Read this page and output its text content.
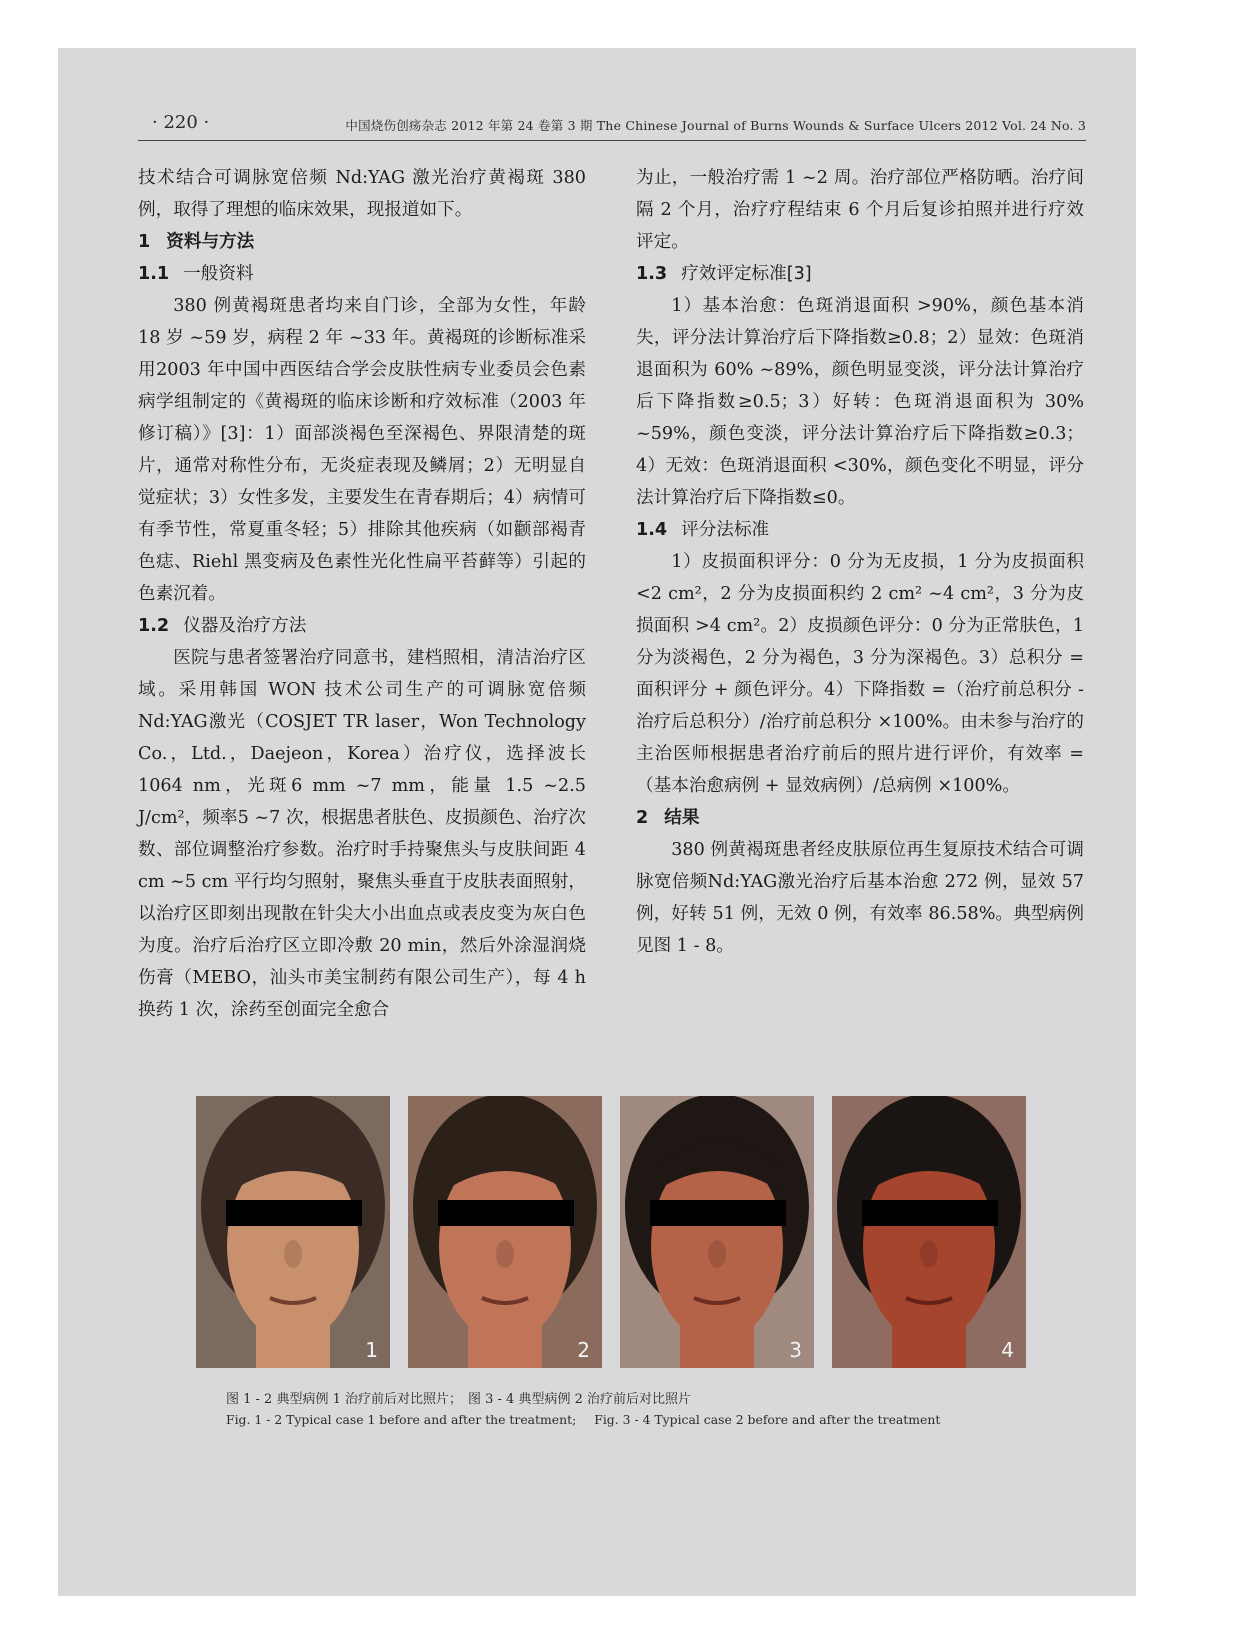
· 220 ·	中国烧伤创疡杂志 2012 年第 24 卷第 3 期 The Chinese Journal of Burns Wounds & Surface Ulcers 2012 Vol. 24 No. 3

技术结合可调脉宽倍频 Nd:YAG 激光治疗黄褐斑 380 例，取得了理想的临床效果，现报道如下。

1 资料与方法
1.1 一般资料

380 例黄褐斑患者均来自门诊，全部为女性，年龄 18 岁 ~59 岁，病程 2 年 ~33 年。黄褐斑的诊断标准采用2003 年中国中西医结合学会皮肤性病专业委员会色素病学组制定的《黄褐斑的临床诊断和疗效标准（2003 年修订稿）》[3]：1）面部淡褐色至深褐色、界限清楚的斑片，通常对称性分布，无炎症表现及鳞屑；2）无明显自觉症状；3）女性多发，主要发生在青春期后；4）病情可有季节性，常夏重冬轻；5）排除其他疾病（如颧部褐青色痣、Riehl 黑变病及色素性光化性扁平苔藓等）引起的色素沉着。

1.2 仪器及治疗方法

医院与患者签署治疗同意书，建档照相，清洁治疗区域。采用韩国 WON 技术公司生产的可调脉宽倍频 Nd:YAG激光（COSJET TR laser，Won Technology Co.，Ltd.，Daejeon，Korea）治疗仪，选择波长 1064 nm，光斑6 mm ~7 mm，能量 1.5 ~2.5 J/cm²，频率5 ~7 次，根据患者肤色、皮损颜色、治疗次数、部位调整治疗参数。治疗时手持聚焦头与皮肤间距 4 cm ~5 cm 平行均匀照射，聚焦头垂直于皮肤表面照射，以治疗区即刻出现散在针尖大小出血点或表皮变为灰白色为度。治疗后治疗区立即冷敷 20 min，然后外涂湿润烧伤膏（MEBO，汕头市美宝制药有限公司生产），每 4 h 换药 1 次，涂药至创面完全愈合

为止，一般治疗需 1 ~2 周。治疗部位严格防晒。治疗间隔 2 个月，治疗疗程结束 6 个月后复诊拍照并进行疗效评定。

1.3 疗效评定标准[3]

1）基本治愈：色斑消退面积 >90%，颜色基本消失，评分法计算治疗后下降指数≥0.8；2）显效：色斑消退面积为 60% ~89%，颜色明显变淡，评分法计算治疗后下降指数≥0.5；3）好转：色斑消退面积为 30% ~59%，颜色变淡，评分法计算治疗后下降指数≥0.3；4）无效：色斑消退面积 <30%，颜色变化不明显，评分法计算治疗后下降指数≤0。

1.4 评分法标准

1）皮损面积评分：0 分为无皮损，1 分为皮损面积 <2 cm²，2 分为皮损面积约 2 cm² ~4 cm²，3 分为皮损面积 >4 cm²。2）皮损颜色评分：0 分为正常肤色，1 分为淡褐色，2 分为褐色，3 分为深褐色。3）总积分 = 面积评分 + 颜色评分。4）下降指数 =（治疗前总积分 - 治疗后总积分）/治疗前总积分 ×100%。由未参与治疗的主治医师根据患者治疗前后的照片进行评价，有效率 =（基本治愈病例 + 显效病例）/总病例 ×100%。

2 结果

380 例黄褐斑患者经皮肤原位再生复原技术结合可调脉宽倍频Nd:YAG激光治疗后基本治愈 272 例，显效 57 例，好转 51 例，无效 0 例，有效率 86.58%。典型病例见图 1 - 8。

1	2	3	4
图 1 - 2 典型病例 1 治疗前后对比照片； 图 3 - 4 典型病例 2 治疗前后对比照片
Fig. 1 - 2 Typical case 1 before and after the treatment; Fig. 3 - 4 Typical case 2 before and after the treatment
